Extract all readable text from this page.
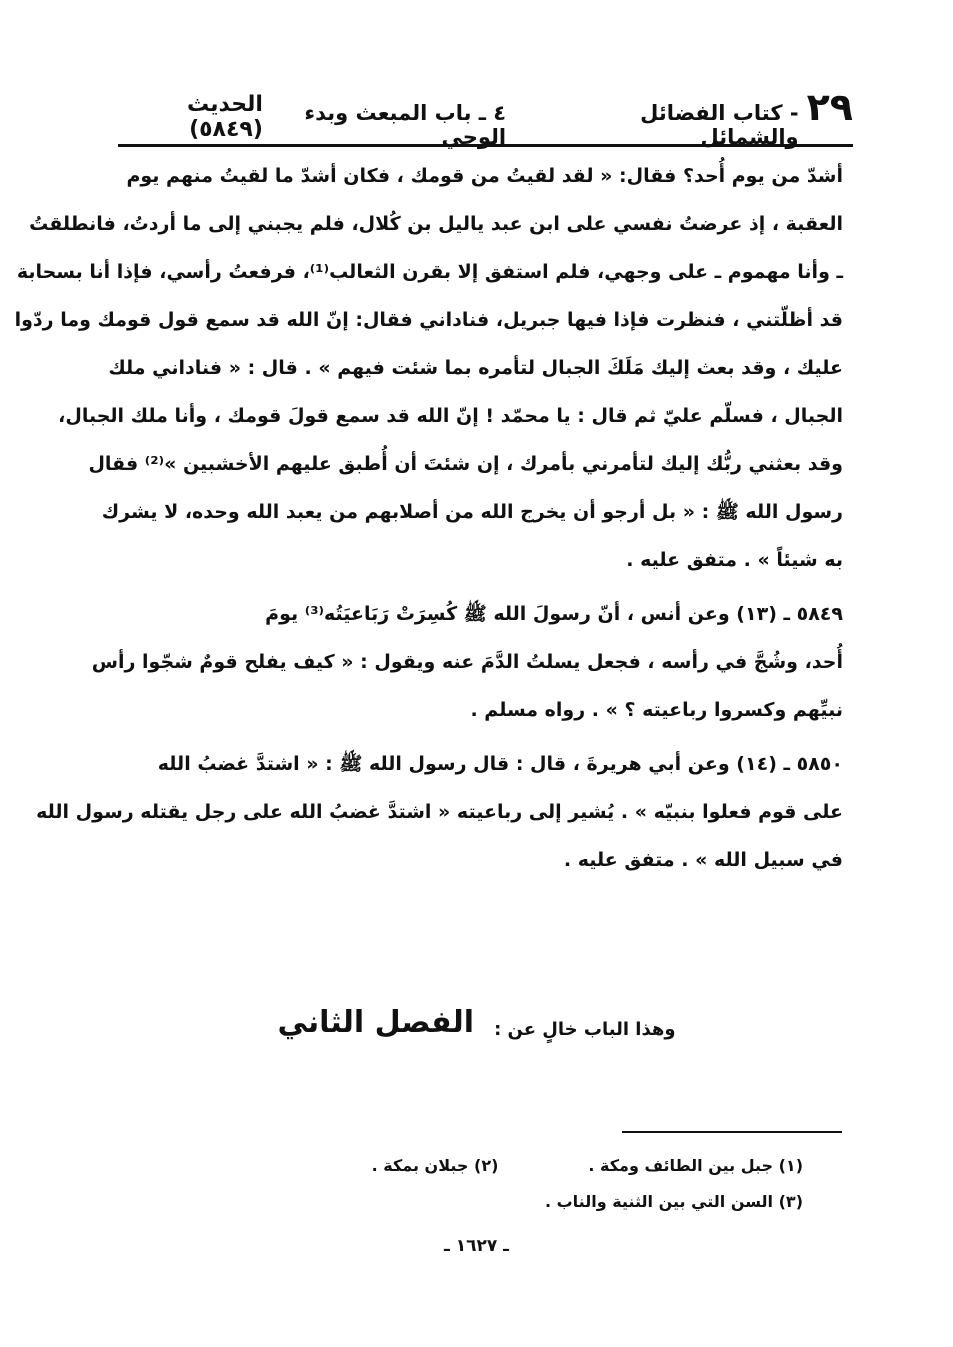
٢٩
- كتاب الفضائل والشمائل
٤ ـ باب المبعث وبدء الوحي
الحديث (٥٨٤٩)
أشدّ من يوم أُحد؟ فقال: « لقد لقيتُ من قومك ، فكان أشدّ ما لقيتُ منهم يوم
العقبة ، إذ عرضتُ نفسي على ابن عبد ياليل بن كُلال، فلم يجبني إلى ما أردتُ، فانطلقتُ
ـ وأنا مهموم ـ على وجهي، فلم استفق إلا بقرن الثعالب⁽¹⁾، فرفعتُ رأسي، فإذا أنا بسحابة
قد أظلّتني ، فنظرت فإذا فيها جبريل، فناداني فقال: إنّ الله قد سمع قول قومك وما ردّوا
عليك ، وقد بعث إليك مَلَكَ الجبال لتأمره بما شئت فيهم » . قال : « فناداني ملك
الجبال ، فسلّم عليّ ثم قال : يا محمّد ! إنّ الله قد سمع قولَ قومك ، وأنا ملك الجبال،
وقد بعثني ربُّك إليك لتأمرني بأمرك ، إن شئتَ أن أُطبق عليهم الأخشبين »⁽²⁾ فقال
رسول الله ﷺ : « بل أرجو أن يخرج الله من أصلابهم من يعبد الله وحده، لا يشرك
به شيئاً » . متفق عليه .
٥٨٤٩ ـ (١٣) وعن أنس ، أنّ رسولَ الله ﷺ كُسِرَتْ رَبَاعيَتُه⁽³⁾ يومَ
أُحد، وشُجَّ في رأسه ، فجعل يسلتُ الدَّمَ عنه ويقول : « كيف يفلح قومٌ شجّوا رأس
نبيِّهم وكسروا رباعيته ؟ » . رواه مسلم .
٥٨٥٠ ـ (١٤) وعن أبي هريرةَ ، قال : قال رسول الله ﷺ : « اشتدَّ غضبُ الله
على قوم فعلوا بنبيّه » . يُشير إلى رباعيته « اشتدَّ غضبُ الله على رجل يقتله رسول الله
في سبيل الله » . متفق عليه .
وهذا الباب خالٍ عن :
الفصل الثاني
(١) جبل بين الطائف ومكة .
(٢) جبلان بمكة .
(٣) السن التي بين الثنية والناب .
ـ ١٦٢٧ ـ
